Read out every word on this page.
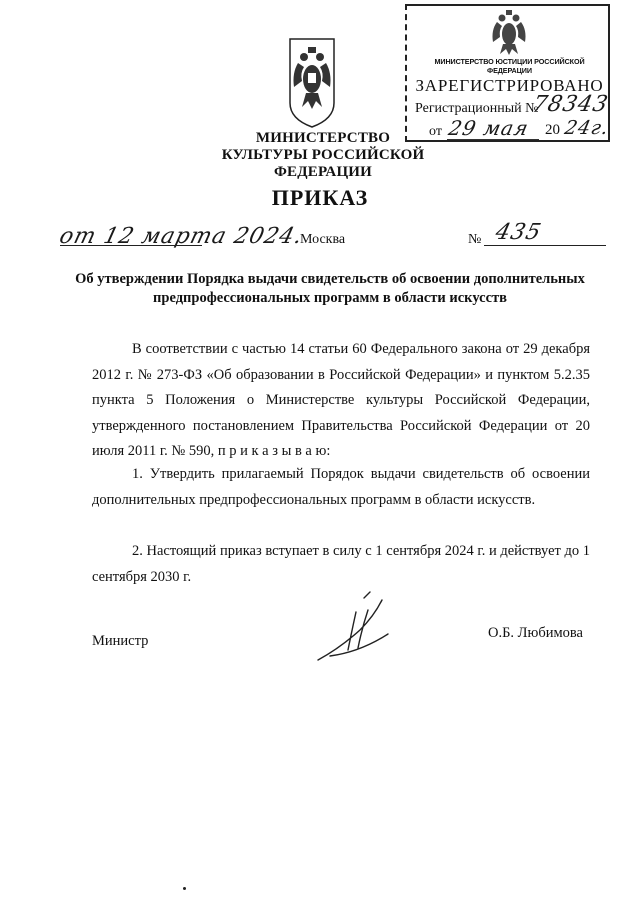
МИНИСТЕРСТВО КУЛЬТУРЫ РОССИЙСКОЙ ФЕДЕРАЦИИ
МИНИСТЕРСТВО ЮСТИЦИИ РОССИЙСКОЙ ФЕДЕРАЦИИ
ЗАРЕГИСТРИРОВАНО
Регистрационный №
78343
от 29 мая 20 24г.
ПРИКАЗ
от 12 марта 2024.
Москва	№ 435
Об утверждении Порядка выдачи свидетельств об освоении дополнительных предпрофессиональных программ в области искусств
В соответствии с частью 14 статьи 60 Федерального закона от 29 декабря 2012 г. № 273-ФЗ «Об образовании в Российской Федерации» и пунктом 5.2.35 пункта 5 Положения о Министерстве культуры Российской Федерации, утвержденного постановлением Правительства Российской Федерации от 20 июля 2011 г. № 590, п р и к а з ы в а ю:
1. Утвердить прилагаемый Порядок выдачи свидетельств об освоении дополнительных предпрофессиональных программ в области искусств.
2. Настоящий приказ вступает в силу с 1 сентября 2024 г. и действует до 1 сентября 2030 г.
Министр	О.Б. Любимова
